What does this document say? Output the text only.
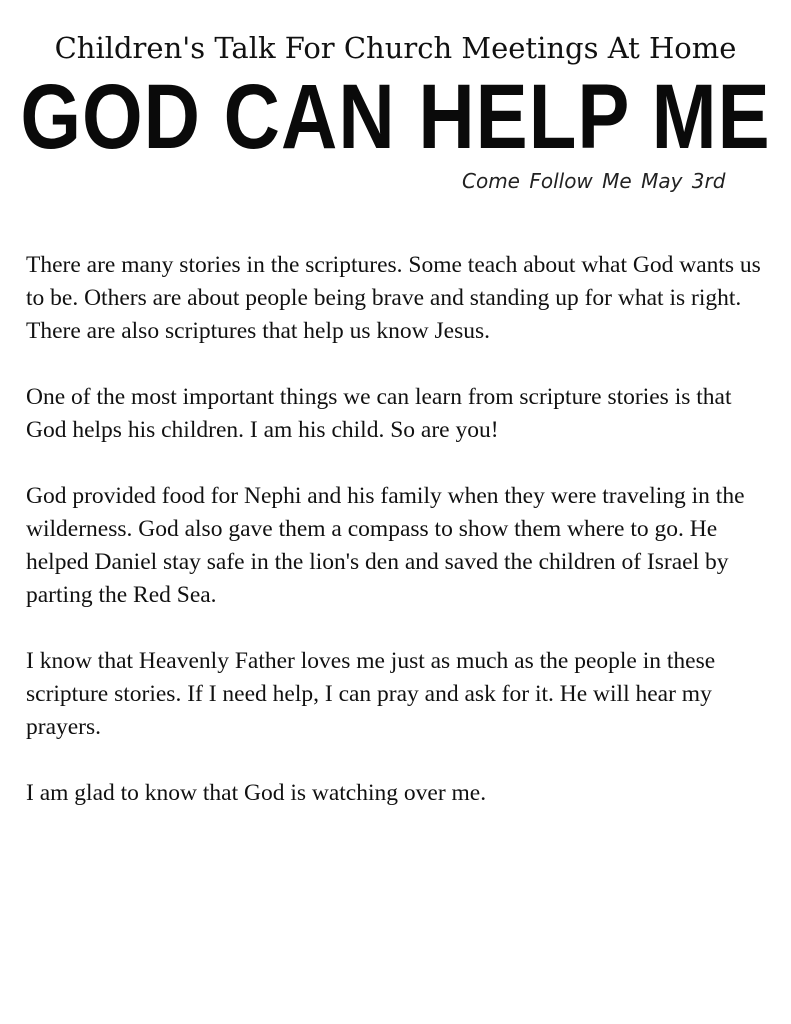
Children's Talk For Church Meetings At Home
GOD CAN HELP ME
Come Follow Me May 3rd

There are many stories in the scriptures. Some teach about what God wants us to be. Others are about people being brave and standing up for what is right. There are also scriptures that help us know Jesus.

One of the most important things we can learn from scripture stories is that God helps his children. I am his child. So are you!

God provided food for Nephi and his family when they were traveling in the wilderness. God also gave them a compass to show them where to go. He helped Daniel stay safe in the lion's den and saved the children of Israel by parting the Red Sea.

I know that Heavenly Father loves me just as much as the people in these scripture stories. If I need help, I can pray and ask for it. He will hear my prayers.

I am glad to know that God is watching over me.
